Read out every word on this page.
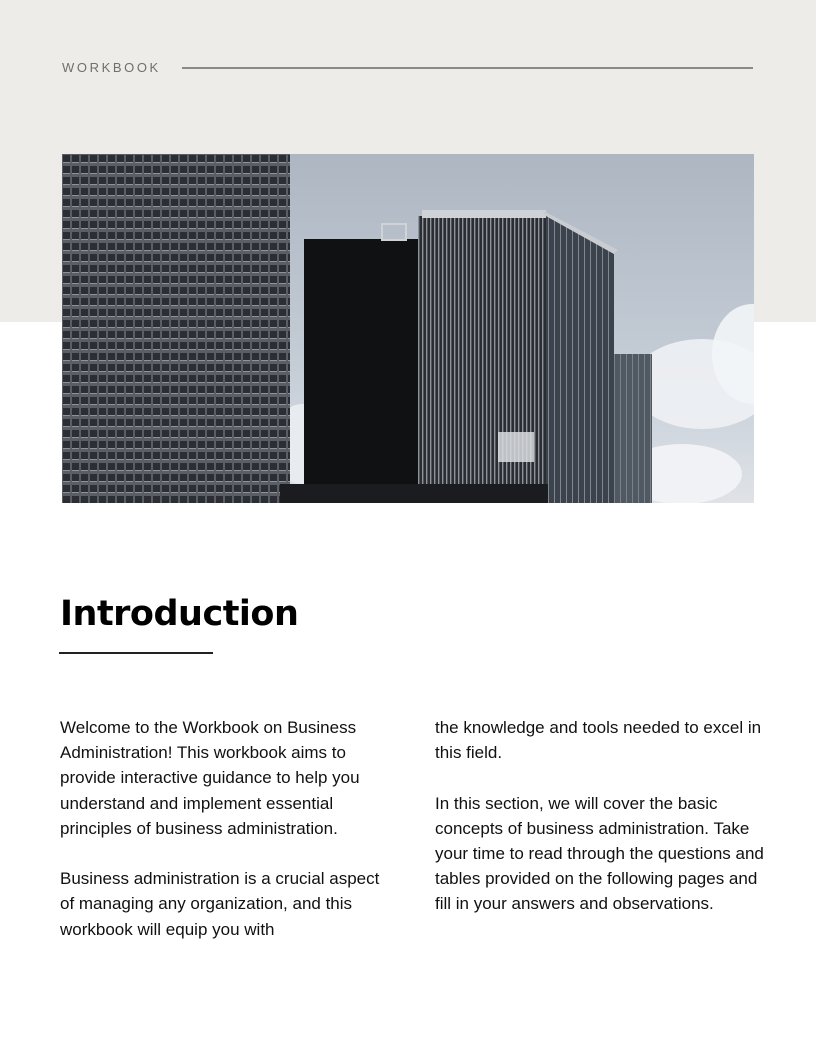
WORKBOOK
Introduction

Welcome to the Workbook on Business Administration! This workbook aims to provide interactive guidance to help you understand and implement essential principles of business administration.

Business administration is a crucial aspect of managing any organization, and this workbook will equip you with

the knowledge and tools needed to excel in this field.

In this section, we will cover the basic concepts of business administration. Take your time to read through the questions and tables provided on the following pages and fill in your answers and observations.
